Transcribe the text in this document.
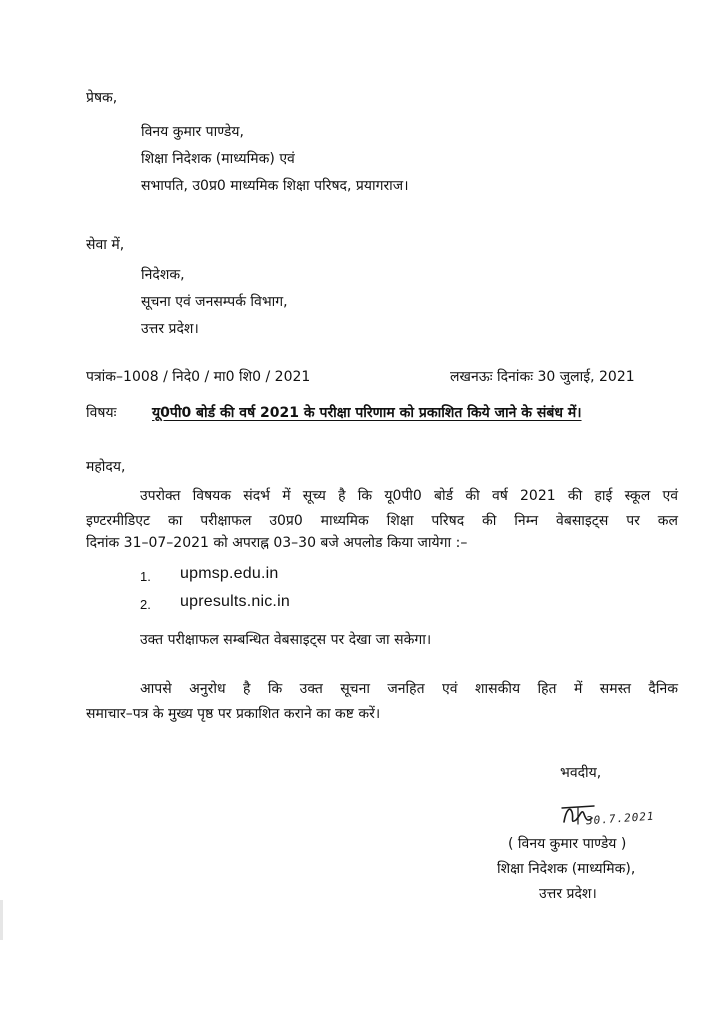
प्रेषक,
विनय कुमार पाण्डेय,
शिक्षा निदेशक (माध्यमिक) एवं
सभापति, उ0प्र0 माध्यमिक शिक्षा परिषद, प्रयागराज।
सेवा में,
निदेशक,
सूचना एवं जनसम्पर्क विभाग,
उत्तर प्रदेश।
पत्रांक–1008 / निदे0 / मा0 शि0 / 2021	लखनऊः दिनांकः 30 जुलाई, 2021
विषयः	यू0पी0 बोर्ड की वर्ष 2021 के परीक्षा परिणाम को प्रकाशित किये जाने के संबंध में।
महोदय,
उपरोक्त विषयक संदर्भ में सूच्य है कि यू0पी0 बोर्ड की वर्ष 2021 की हाई स्कूल एवं
इण्टरमीडिएट का परीक्षाफल उ0प्र0 माध्यमिक शिक्षा परिषद की निम्न वेबसाइट्स पर कल
दिनांक 31–07–2021 को अपराह्न 03–30 बजे अपलोड किया जायेगा :–
1. upmsp.edu.in
2. upresults.nic.in
उक्त परीक्षाफल सम्बन्धित वेबसाइट्स पर देखा जा सकेगा।
आपसे अनुरोध है कि उक्त सूचना जनहित एवं शासकीय हित में समस्त दैनिक
समाचार–पत्र के मुख्य पृष्ठ पर प्रकाशित कराने का कष्ट करें।
भवदीय,
30.7.2021
( विनय कुमार पाण्डेय )
शिक्षा निदेशक (माध्यमिक),
उत्तर प्रदेश।
